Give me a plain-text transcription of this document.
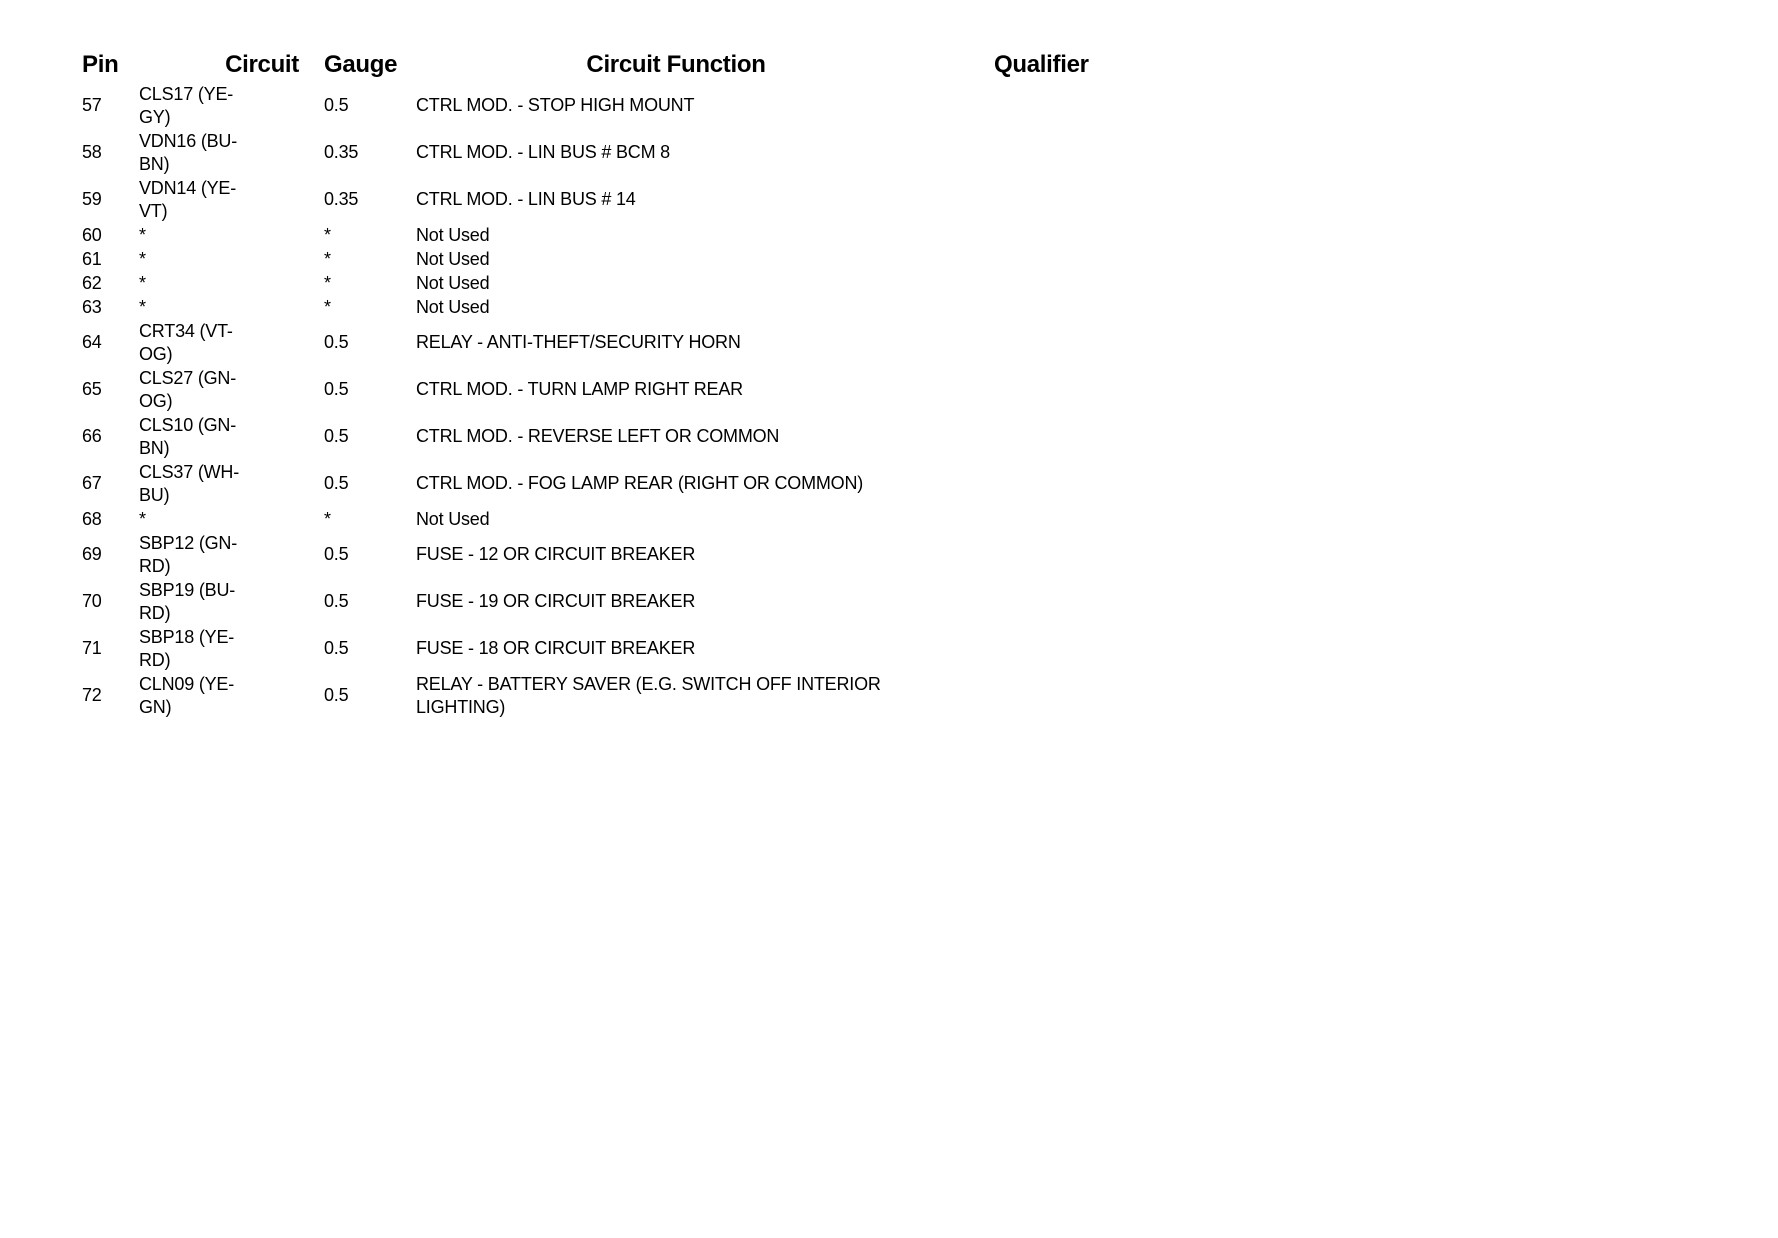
Pin	Circuit	Gauge	Circuit Function	Qualifier
57	CLS17 (YE-GY)	0.5	CTRL MOD. - STOP HIGH MOUNT	
58	VDN16 (BU-BN)	0.35	CTRL MOD. - LIN BUS # BCM 8	
59	VDN14 (YE-VT)	0.35	CTRL MOD. - LIN BUS # 14	
60	*	*	Not Used	
61	*	*	Not Used	
62	*	*	Not Used	
63	*	*	Not Used	
64	CRT34 (VT-OG)	0.5	RELAY - ANTI-THEFT/SECURITY HORN	
65	CLS27 (GN-OG)	0.5	CTRL MOD. - TURN LAMP RIGHT REAR	
66	CLS10 (GN-BN)	0.5	CTRL MOD. - REVERSE LEFT OR COMMON	
67	CLS37 (WH-BU)	0.5	CTRL MOD. - FOG LAMP REAR (RIGHT OR COMMON)	
68	*	*	Not Used	
69	SBP12 (GN-RD)	0.5	FUSE - 12 OR CIRCUIT BREAKER	
70	SBP19 (BU-RD)	0.5	FUSE - 19 OR CIRCUIT BREAKER	
71	SBP18 (YE-RD)	0.5	FUSE - 18 OR CIRCUIT BREAKER	
72	CLN09 (YE-GN)	0.5	RELAY - BATTERY SAVER (E.G. SWITCH OFF INTERIOR LIGHTING)	
